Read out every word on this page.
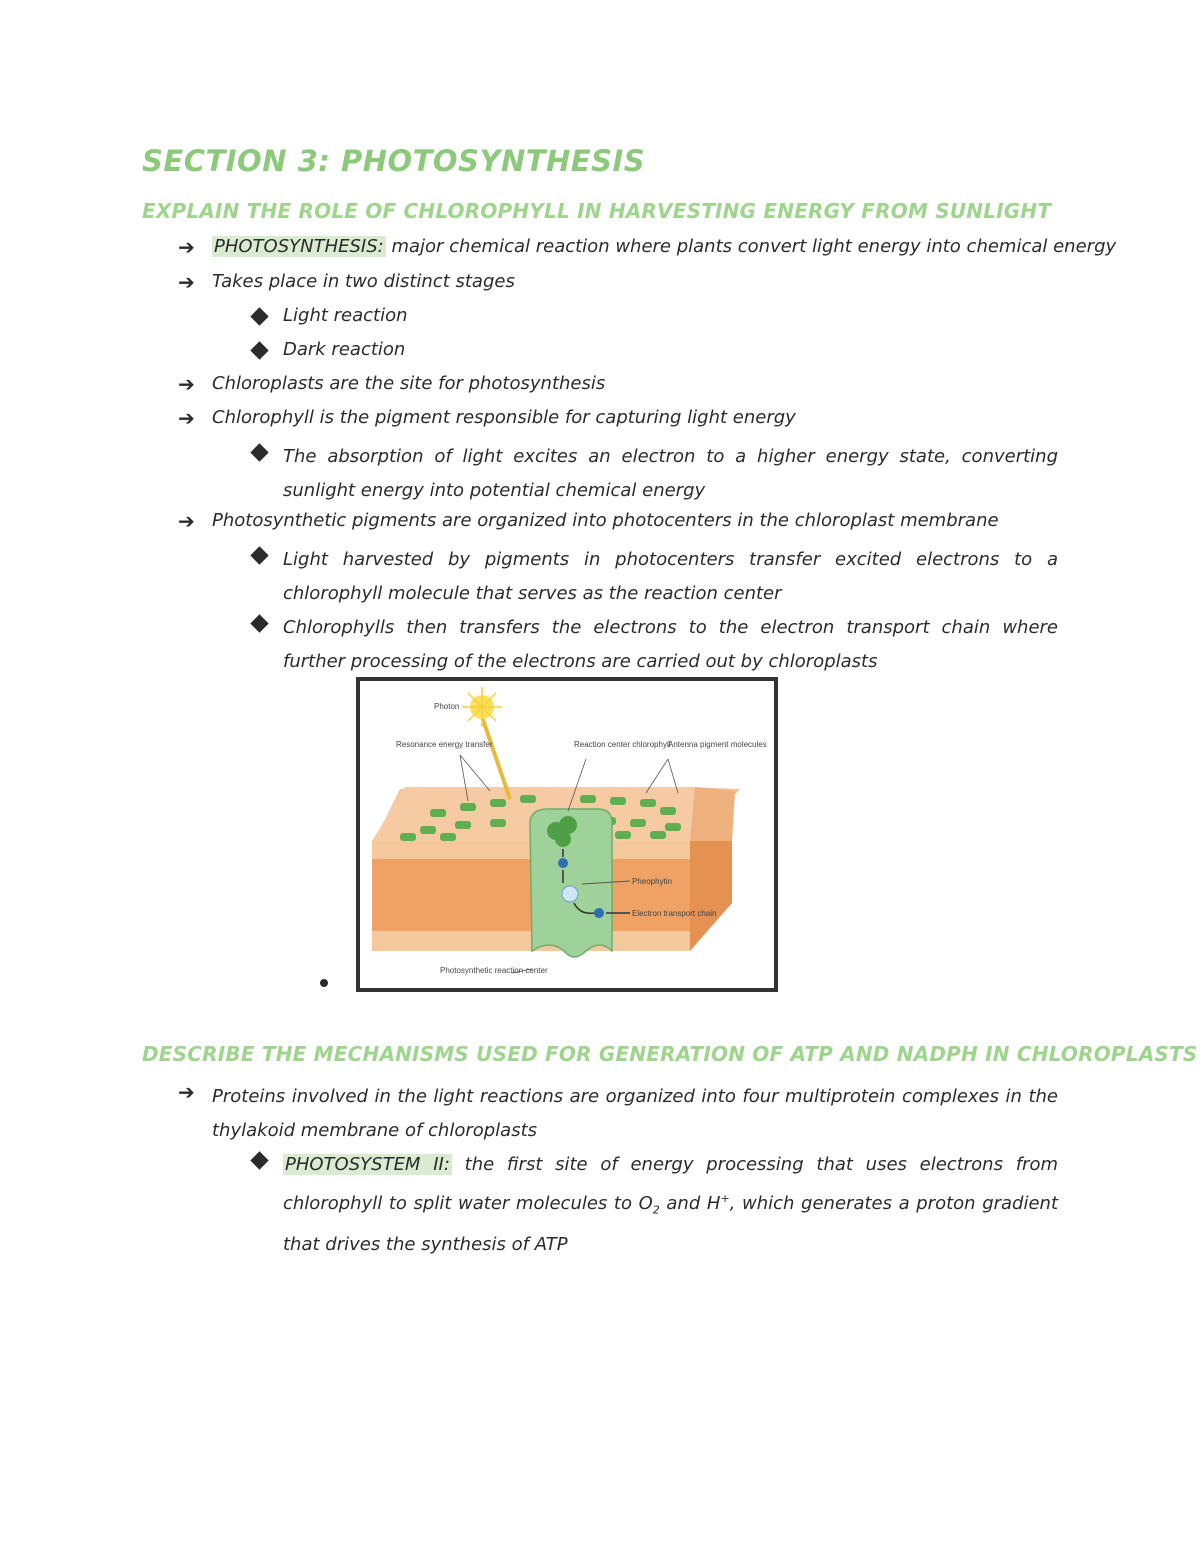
SECTION 3: PHOTOSYNTHESIS
EXPLAIN THE ROLE OF CHLOROPHYLL IN HARVESTING ENERGY FROM SUNLIGHT
➔ PHOTOSYNTHESIS: major chemical reaction where plants convert light energy into chemical energy
➔ Takes place in two distinct stages
Light reaction
Dark reaction
➔ Chloroplasts are the site for photosynthesis
➔ Chlorophyll is the pigment responsible for capturing light energy
The absorption of light excites an electron to a higher energy state, converting sunlight energy into potential chemical energy
➔ Photosynthetic pigments are organized into photocenters in the chloroplast membrane
Light harvested by pigments in photocenters transfer excited electrons to a chlorophyll molecule that serves as the reaction center
Chlorophylls then transfers the electrons to the electron transport chain where further processing of the electrons are carried out by chloroplasts
Photon
Resonance energy transfer	Reaction center chlorophyll
Antenna pigment molecules
Pheophytin
Electron transport chain
Photosynthetic reaction center
DESCRIBE THE MECHANISMS USED FOR GENERATION OF ATP AND NADPH IN CHLOROPLASTS
➔ Proteins involved in the light reactions are organized into four multiprotein complexes in the thylakoid membrane of chloroplasts
PHOTOSYSTEM II: the first site of energy processing that uses electrons from chlorophyll to split water molecules to $O_2$ and H+, which generates a proton gradient that drives the synthesis of ATP
